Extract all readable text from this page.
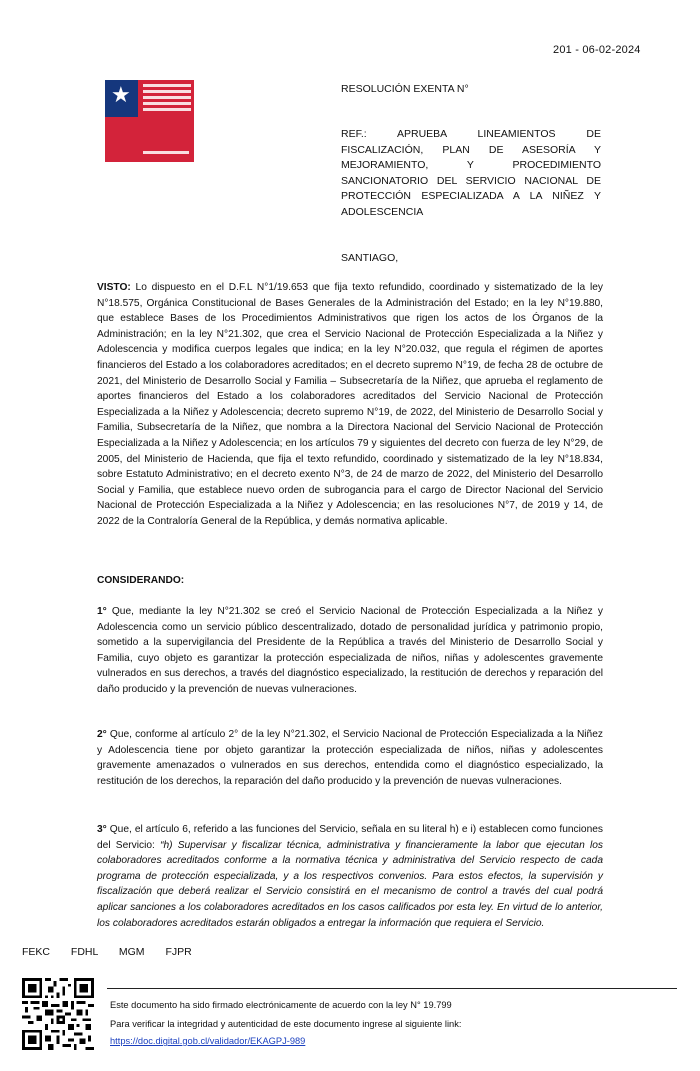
201 - 06-02-2024
★	RESOLUCIÓN EXENTA N°
REF.: APRUEBA LINEAMIENTOS DE FISCALIZACIÓN, PLAN DE ASESORÍA Y MEJORAMIENTO, Y PROCEDIMIENTO SANCIONATORIO DEL SERVICIO NACIONAL DE PROTECCIÓN ESPECIALIZADA A LA NIÑEZ Y ADOLESCENCIA
SANTIAGO,

VISTO: Lo dispuesto en el D.F.L N°1/19.653 que fija texto refundido, coordinado y sistematizado de la ley N°18.575, Orgánica Constitucional de Bases Generales de la Administración del Estado; en la ley N°19.880, que establece Bases de los Procedimientos Administrativos que rigen los actos de los Órganos de la Administración; en la ley N°21.302, que crea el Servicio Nacional de Protección Especializada a la Niñez y Adolescencia y modifica cuerpos legales que indica; en la ley N°20.032, que regula el régimen de aportes financieros del Estado a los colaboradores acreditados; en el decreto supremo N°19, de fecha 28 de octubre de 2021, del Ministerio de Desarrollo Social y Familia – Subsecretaría de la Niñez, que aprueba el reglamento de aportes financieros del Estado a los colaboradores acreditados del Servicio Nacional de Protección Especializada a la Niñez y Adolescencia; decreto supremo N°19, de 2022, del Ministerio de Desarrollo Social y Familia, Subsecretaría de la Niñez, que nombra a la Directora Nacional del Servicio Nacional de Protección Especializada a la Niñez y Adolescencia; en los artículos 79 y siguientes del decreto con fuerza de ley N°29, de 2005, del Ministerio de Hacienda, que fija el texto refundido, coordinado y sistematizado de la ley N°18.834, sobre Estatuto Administrativo; en el decreto exento N°3, de 24 de marzo de 2022, del Ministerio del Desarrollo Social y Familia, que establece nuevo orden de subrogancia para el cargo de Director Nacional del Servicio Nacional de Protección Especializada a la Niñez y Adolescencia; en las resoluciones N°7, de 2019 y 14, de 2022 de la Contraloría General de la República, y demás normativa aplicable.

CONSIDERANDO:

1° Que, mediante la ley N°21.302 se creó el Servicio Nacional de Protección Especializada a la Niñez y Adolescencia como un servicio público descentralizado, dotado de personalidad jurídica y patrimonio propio, sometido a la supervigilancia del Presidente de la República a través del Ministerio de Desarrollo Social y Familia, cuyo objeto es garantizar la protección especializada de niños, niñas y adolescentes gravemente vulnerados en sus derechos, a través del diagnóstico especializado, la restitución de derechos y reparación del daño producido y la prevención de nuevas vulneraciones.

2° Que, conforme al artículo 2° de la ley N°21.302, el Servicio Nacional de Protección Especializada a la Niñez y Adolescencia tiene por objeto garantizar la protección especializada de niños, niñas y adolescentes gravemente amenazados o vulnerados en sus derechos, entendida como el diagnóstico especializado, la restitución de los derechos, la reparación del daño producido y la prevención de nuevas vulneraciones.

3° Que, el artículo 6, referido a las funciones del Servicio, señala en su literal h) e i) establecen como funciones del Servicio: “h) Supervisar y fiscalizar técnica, administrativa y financieramente la labor que ejecutan los colaboradores acreditados conforme a la normativa técnica y administrativa del Servicio respecto de cada programa de protección especializada, y a los respectivos convenios. Para estos efectos, la supervisión y fiscalización que deberá realizar el Servicio consistirá en el mecanismo de control a través del cual podrá aplicar sanciones a los colaboradores acreditados en los casos calificados por esta ley. En virtud de lo anterior, los colaboradores acreditados estarán obligados a entregar la información que requiera el Servicio.

FEKC FDHL MGM FJPR
Este documento ha sido firmado electrónicamente de acuerdo con la ley N° 19.799
Para verificar la integridad y autenticidad de este documento ingrese al siguiente link:
https://doc.digital.gob.cl/validador/EKAGPJ-989
